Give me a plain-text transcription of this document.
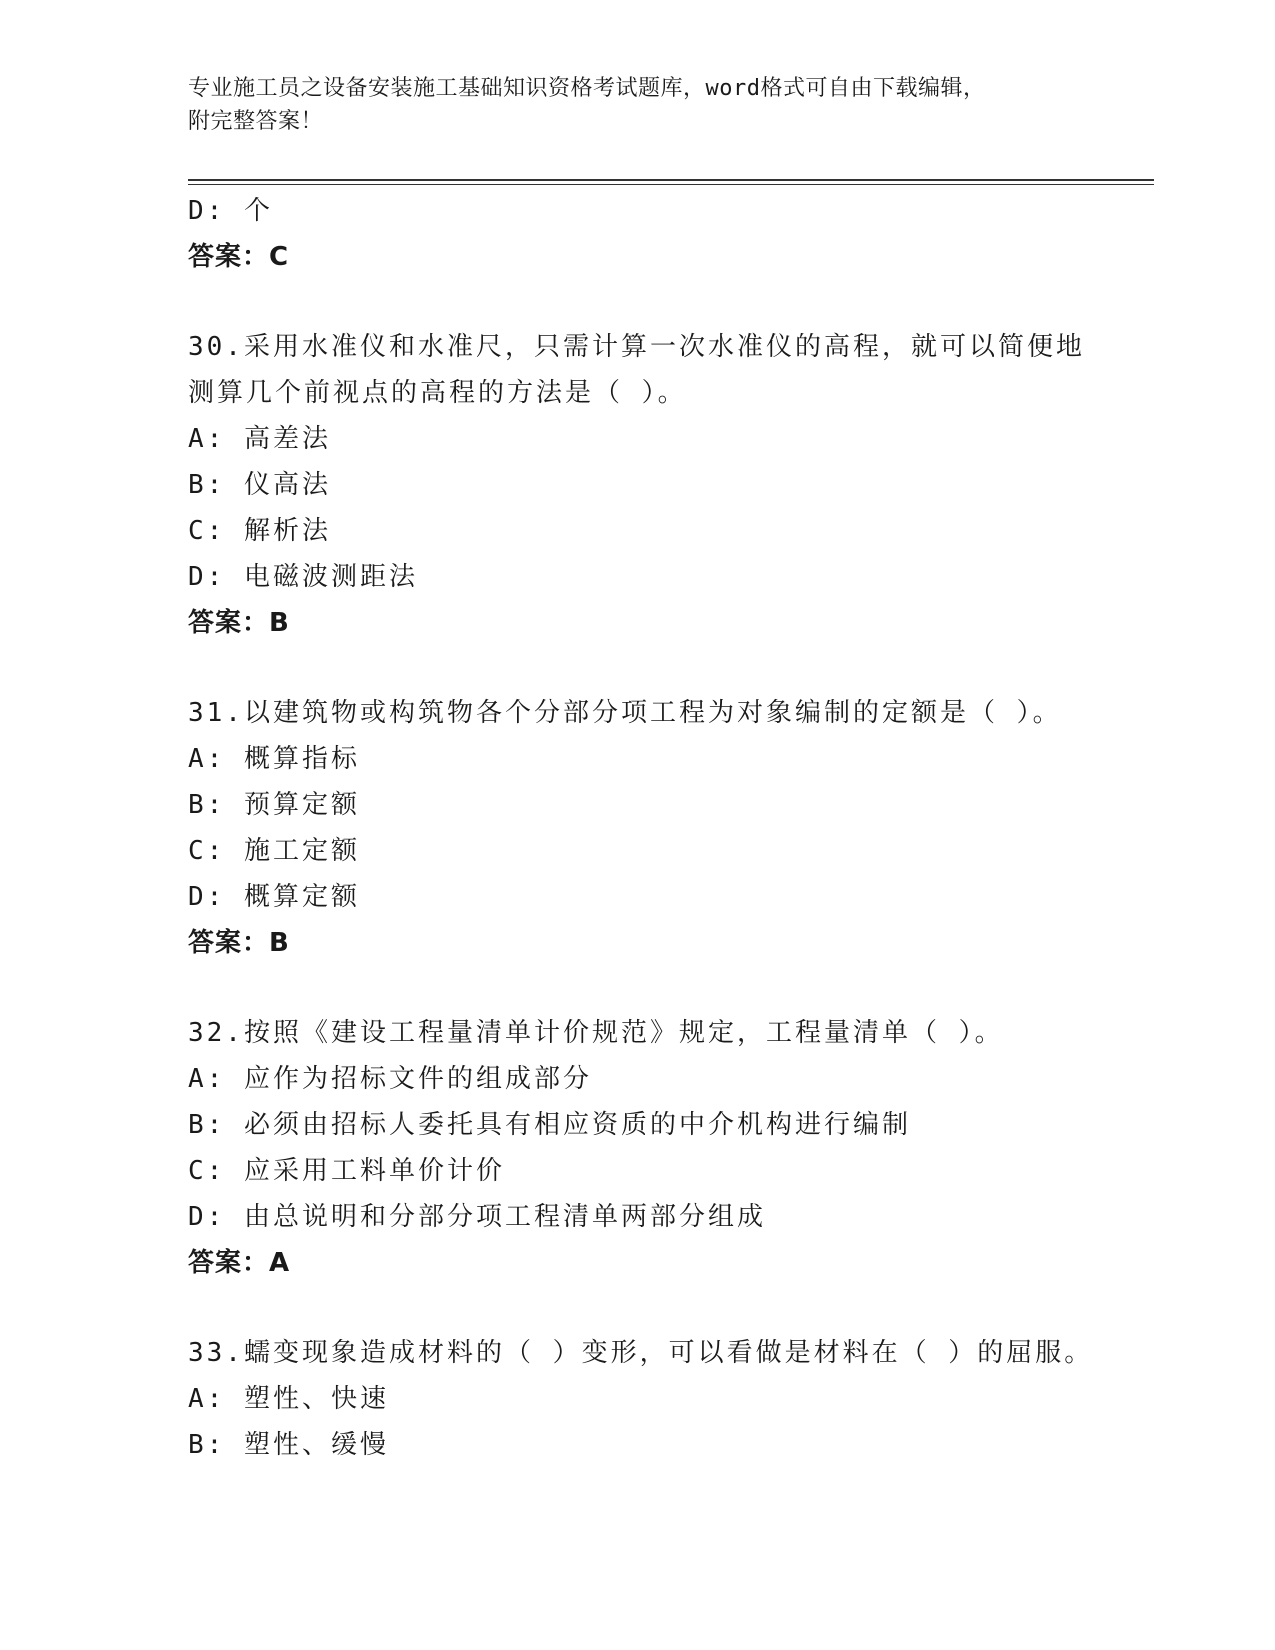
专业施工员之设备安装施工基础知识资格考试题库，word格式可自由下载编辑，
附完整答案！
D: 个
答案：C
30.采用水准仪和水准尺，只需计算一次水准仪的高程，就可以简便地
测算几个前视点的高程的方法是（ ）。
A: 高差法
B: 仪高法
C: 解析法
D: 电磁波测距法
答案：B
31.以建筑物或构筑物各个分部分项工程为对象编制的定额是（ ）。
A: 概算指标
B: 预算定额
C: 施工定额
D: 概算定额
答案：B
32.按照《建设工程量清单计价规范》规定，工程量清单（ ）。
A: 应作为招标文件的组成部分
B: 必须由招标人委托具有相应资质的中介机构进行编制
C: 应采用工料单价计价
D: 由总说明和分部分项工程清单两部分组成
答案：A
33.蠕变现象造成材料的（ ）变形，可以看做是材料在（ ）的屈服。
A: 塑性、快速
B: 塑性、缓慢
